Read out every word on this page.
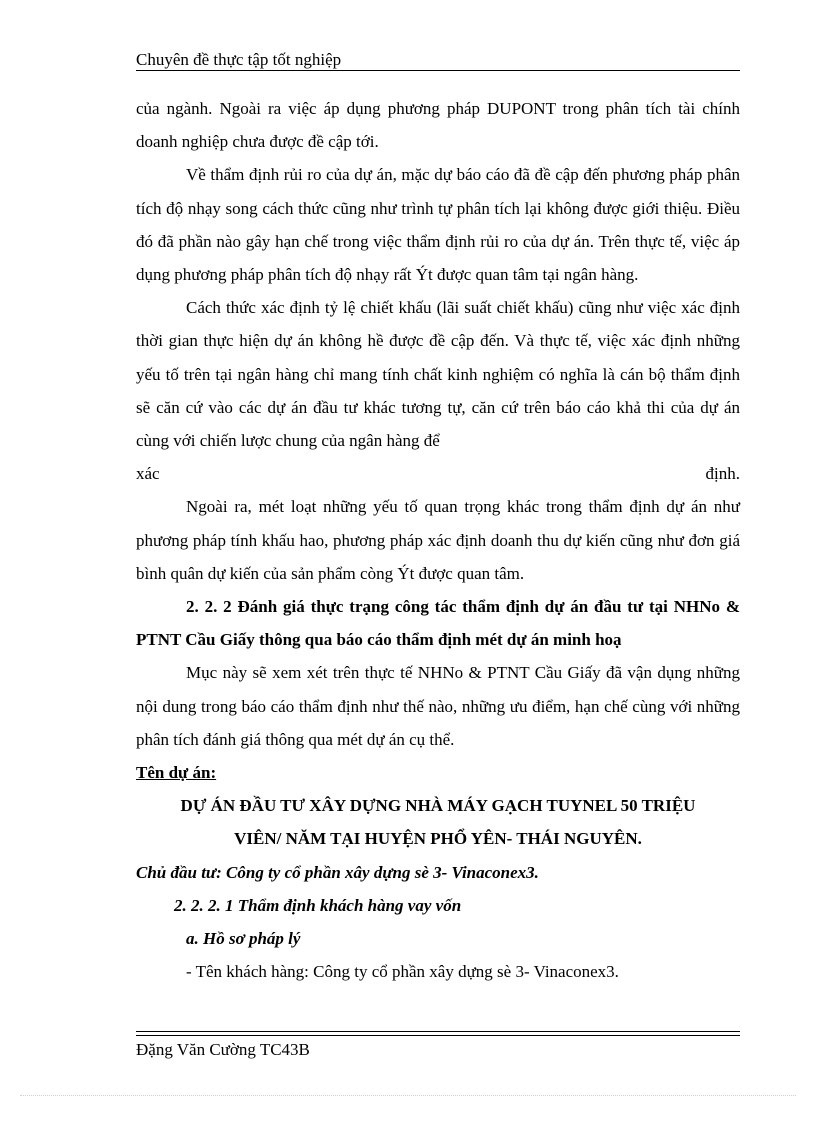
Chuyên đề thực tập tốt nghiệp

của ngành. Ngoài ra việc áp dụng phương pháp DUPONT trong phân tích tài chính doanh nghiệp chưa được đề cập tới.

Về thẩm định rủi ro của dự án, mặc dự báo cáo đã đề cập đến phương pháp phân tích độ nhạy song cách thức cũng như trình tự phân tích lại không được giới thiệu. Điều đó đã phần nào gây hạn chế trong việc thẩm định rủi ro của dự án. Trên thực tế, việc áp dụng phương pháp phân tích độ nhạy rất Ýt được quan tâm tại ngân hàng.

Cách thức xác định tỷ lệ chiết khấu (lãi suất chiết khấu) cũng như việc xác định thời gian thực hiện dự án không hề được đề cập đến. Và thực tế, việc xác định những yếu tố trên tại ngân hàng chỉ mang tính chất kinh nghiệm có nghĩa là cán bộ thẩm định sẽ căn cứ vào các dự án đầu tư khác tương tự, căn cứ trên báo cáo khả thi của dự án cùng với chiến lược chung của ngân hàng để

xác	định.

Ngoài ra, mét loạt những yếu tố quan trọng khác trong thẩm định dự án như phương pháp tính khấu hao, phương pháp xác định doanh thu dự kiến cũng như đơn giá bình quân dự kiến của sản phẩm còng Ýt được quan tâm.

2. 2. 2 Đánh giá thực trạng công tác thẩm định dự án đầu tư tại NHNo & PTNT Cầu Giấy thông qua báo cáo thẩm định mét dự án minh hoạ

Mục này sẽ xem xét trên thực tế NHNo & PTNT Cầu Giấy đã vận dụng những nội dung trong báo cáo thẩm định như thế nào, những ưu điểm, hạn chế cùng với những phân tích đánh giá thông qua mét dự án cụ thể.

Tên dự án:

DỰ ÁN ĐẦU TƯ XÂY DỰNG NHÀ MÁY GẠCH TUYNEL 50 TRIỆU

VIÊN/ NĂM TẠI HUYỆN PHỔ YÊN- THÁI NGUYÊN.

Chủ đầu tư: Công ty cổ phần xây dựng sè 3- Vinaconex3.

2. 2. 2. 1 Thẩm định khách hàng vay vốn

a. Hồ sơ pháp lý

- Tên khách hàng: Công ty cổ phần xây dựng sè 3- Vinaconex3.

Đặng Văn Cường TC43B
